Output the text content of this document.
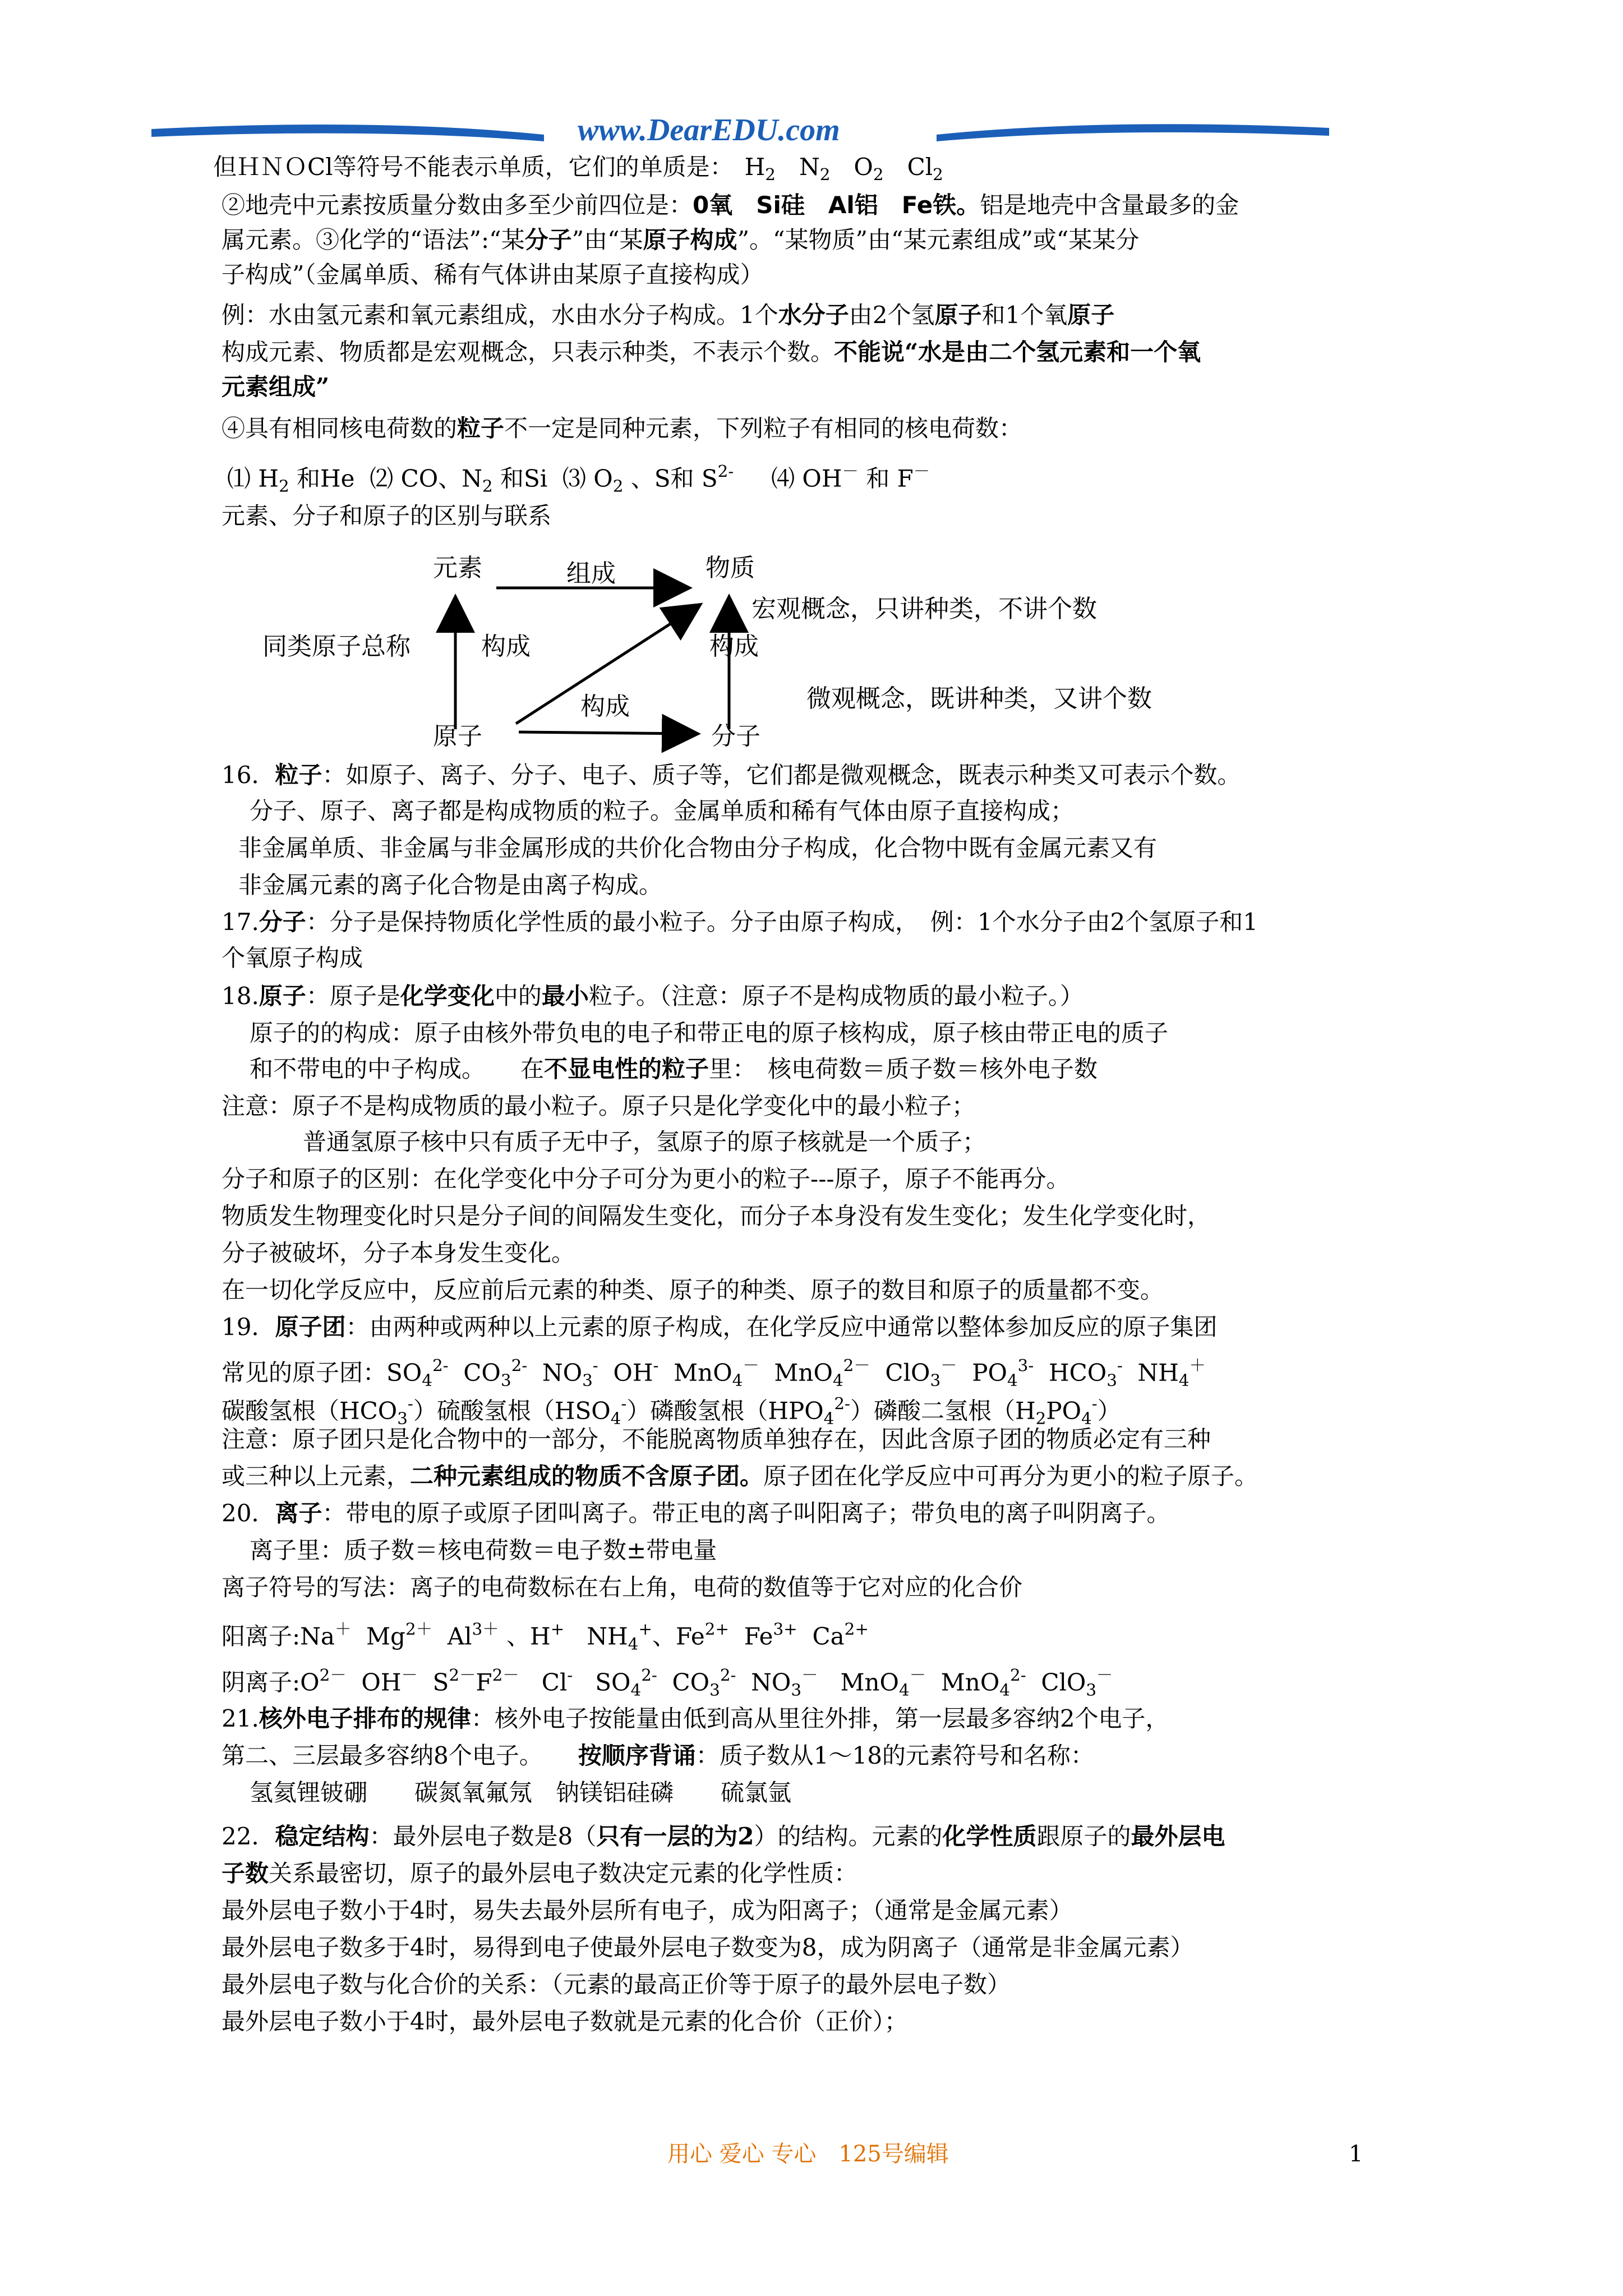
www.DearEDU.com
但ＨＮＯCl等符号不能表示单质，它们的单质是： $H_2$　 $N_2$　 $O_2$　 $Cl_2$
②地壳中元素按质量分数由多至少前四位是：0氧　Si硅　Al铝　Fe铁。铝是地壳中含量最多的金
属元素。③化学的“语法”:“某分子”由“某原子构成”。“某物质”由“某元素组成”或“某某分
子构成”（金属单质、稀有气体讲由某原子直接构成）
例：水由氢元素和氧元素组成，水由水分子构成。1个水分子由2个氢原子和1个氧原子
构成元素、物质都是宏观概念，只表示种类，不表示个数。不能说“水是由二个氢元素和一个氧
元素组成”
④具有相同核电荷数的粒子不一定是同种元素，下列粒子有相同的核电荷数：
⑴ $H_2$ 和He ⑵ CO、$N_2$ 和Si ⑶ $O_2$ 、S和 $S^{2-}$ ⑷ OH－ 和 F－
元素、分子和原子的区别与联系
元素	物质
组成
宏观概念，只讲种类，不讲个数
同类原子总称	构成	构成
微观概念，既讲种类，又讲个数
构成
原子	分子
16．粒子：如原子、离子、分子、电子、质子等，它们都是微观概念，既表示种类又可表示个数。
分子、原子、离子都是构成物质的粒子。金属单质和稀有气体由原子直接构成；
非金属单质、非金属与非金属形成的共价化合物由分子构成，化合物中既有金属元素又有
非金属元素的离子化合物是由离子构成。
17.分子：分子是保持物质化学性质的最小粒子。分子由原子构成，　例：1个水分子由2个氢原子和1
个氧原子构成
18.原子：原子是化学变化中的最小粒子。（注意：原子不是构成物质的最小粒子。）
原子的的构成：原子由核外带负电的电子和带正电的原子核构成，原子核由带正电的质子
和不带电的中子构成。　　在不显电性的粒子里：　核电荷数＝质子数＝核外电子数
注意：原子不是构成物质的最小粒子。原子只是化学变化中的最小粒子；
普通氢原子核中只有质子无中子，氢原子的原子核就是一个质子；
分子和原子的区别：在化学变化中分子可分为更小的粒子---原子，原子不能再分。
物质发生物理变化时只是分子间的间隔发生变化，而分子本身没有发生变化；发生化学变化时，
分子被破坏，分子本身发生变化。
在一切化学反应中，反应前后元素的种类、原子的种类、原子的数目和原子的质量都不变。
19．原子团：由两种或两种以上元素的原子构成，在化学反应中通常以整体参加反应的原子集团
常见的原子团：$SO_4^{2-}$  $CO_3^{2-}$  $NO_3^-$  OH-  MnO$_4$－  MnO$_4^{2-}$  ClO$_3$－  $PO_4^{3-}$  $HCO_3^-$  $NH_4^+$
碳酸氢根$(HCO_3^-)$硫酸氢根$(HSO_4^-)$磷酸氢根$(HPO_4^{2-})$磷酸二氢根$(H_2PO_4^-)$
注意：原子团只是化合物中的一部分，不能脱离物质单独存在，因此含原子团的物质必定有三种
或三种以上元素，二种元素组成的物质不含原子团。原子团在化学反应中可再分为更小的粒子原子。
20．离子：带电的原子或原子团叫离子。带正电的离子叫阳离子；带负电的离子叫阴离子。
离子里：质子数＝核电荷数＝电子数±带电量
离子符号的写法：离子的电荷数标在右上角，电荷的数值等于它对应的化合价
阳离子:Na＋  $Mg^{2+}$  $Al^{3+}$ 、H+   $NH_4^+$、$Fe^{2+}$  $Fe^{3+}$  $Ca^{2+}$
阴离子$:O^{2-}$  OH－  $S^{2-}F^{2-}$   Cl-   $SO_4^{2-}$  $CO_3^{2-}$  $NO_3^-$   MnO$_4$－  MnO$_4^{2-}$  ClO$_3$－
21.核外电子排布的规律：核外电子按能量由低到高从里往外排，第一层最多容纳2个电子，
第二、三层最多容纳8个电子。　　按顺序背诵：质子数从1～18的元素符号和名称：
氢氦锂铍硼　　碳氮氧氟氖　钠镁铝硅磷　　硫氯氩
22．稳定结构：最外层电子数是8（只有一层的为2）的结构。元素的化学性质跟原子的最外层电
子数关系最密切，原子的最外层电子数决定元素的化学性质：
最外层电子数小于4时，易失去最外层所有电子，成为阳离子；（通常是金属元素）
最外层电子数多于4时，易得到电子使最外层电子数变为8，成为阴离子（通常是非金属元素）
最外层电子数与化合价的关系：（元素的最高正价等于原子的最外层电子数）
最外层电子数小于4时，最外层电子数就是元素的化合价（正价）；
用心 爱心 专心　125号编辑	1
